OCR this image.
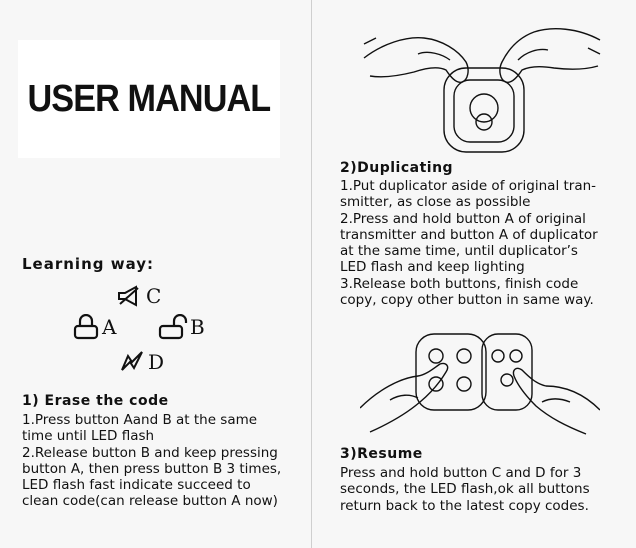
USER MANUAL
Learning way:
C
A	B
D
1) Erase the code
1.Press button Aand B at the same
time until LED flash
2.Release button B and keep pressing
button A, then press button B 3 times,
LED flash fast indicate succeed to
clean code(can release button A now)
2)Duplicating
1.Put duplicator aside of original tran-
smitter, as close as possible
2.Press and hold button A of original
transmitter and button A of duplicator
at the same time, until duplicator’s
LED flash and keep lighting
3.Release both buttons, finish code
copy, copy other button in same way.
3)Resume
Press and hold button C and D for 3
seconds, the LED flash,ok all buttons
return back to the latest copy codes.
